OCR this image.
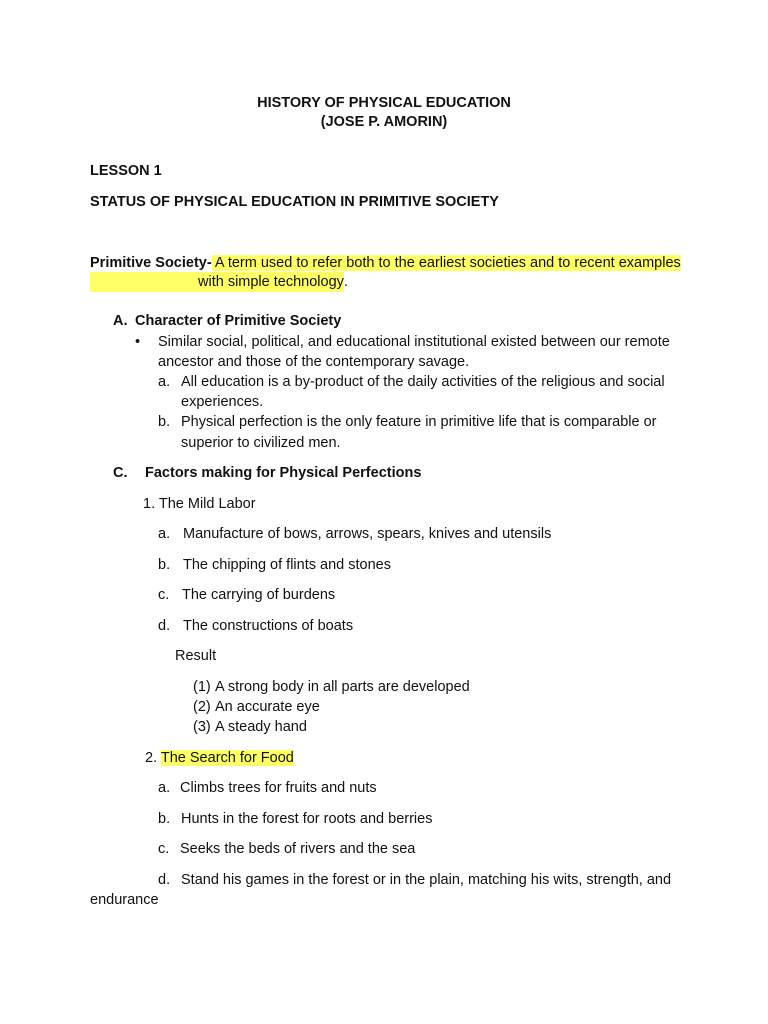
HISTORY OF PHYSICAL EDUCATION
(JOSE P. AMORIN)
LESSON 1
STATUS OF PHYSICAL EDUCATION IN PRIMITIVE SOCIETY
Primitive Society- A term used to refer both to the earliest societies and to recent examples
with simple technology.
A. Character of Primitive Society
• Similar social, political, and educational institutional existed between our remote
ancestor and those of the contemporary savage.
a. All education is a by-product of the daily activities of the religious and social
experiences.
b. Physical perfection is the only feature in primitive life that is comparable or
superior to civilized men.
C. Factors making for Physical Perfections
1. The Mild Labor
a. Manufacture of bows, arrows, spears, knives and utensils
b. The chipping of flints and stones
c. The carrying of burdens
d. The constructions of boats
Result
(1) A strong body in all parts are developed
(2) An accurate eye
(3) A steady hand
2. The Search for Food
a. Climbs trees for fruits and nuts
b. Hunts in the forest for roots and berries
c. Seeks the beds of rivers and the sea
d. Stand his games in the forest or in the plain, matching his wits, strength, and
endurance
